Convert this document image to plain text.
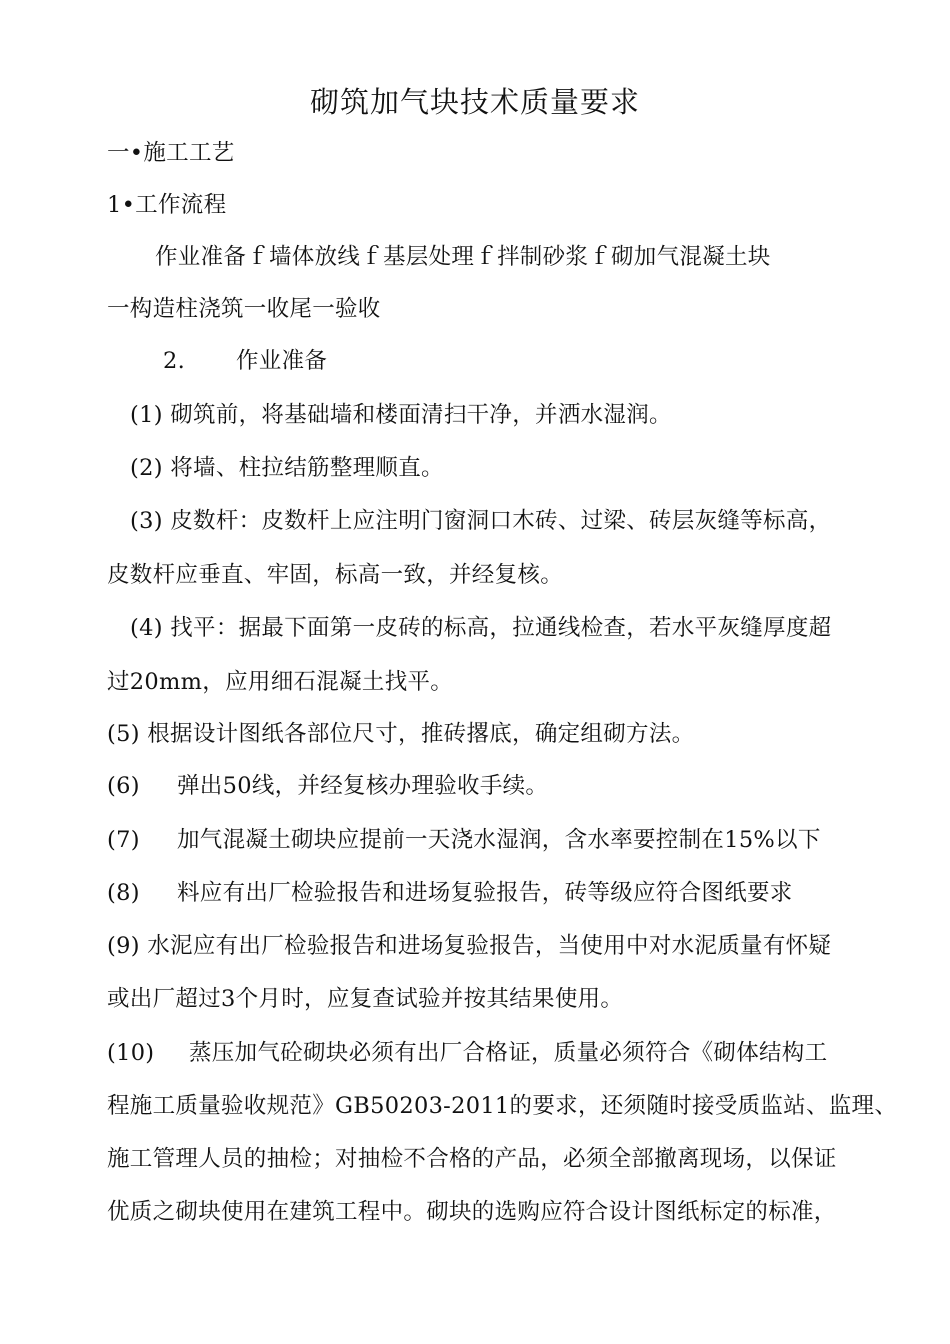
砌筑加气块技术质量要求
一•施工工艺
1•工作流程
作业准备ｆ墙体放线ｆ基层处理ｆ拌制砂浆ｆ砌加气混凝土块
一构造柱浇筑一收尾一验收
2. 作业准备
(1) 砌筑前，将基础墙和楼面清扫干净，并洒水湿润。
(2) 将墙、柱拉结筋整理顺直。
(3) 皮数杆：皮数杆上应注明门窗洞口木砖、过梁、砖层灰缝等标高，
皮数杆应垂直、牢固，标高一致，并经复核。
(4) 找平：据最下面第一皮砖的标高，拉通线检查，若水平灰缝厚度超
过20mm，应用细石混凝土找平。
(5) 根据设计图纸各部位尺寸，推砖撂底，确定组砌方法。
(6) 弹出50线，并经复核办理验收手续。
(7) 加气混凝土砌块应提前一天浇水湿润，含水率要控制在15%以下
(8) 料应有出厂检验报告和进场复验报告，砖等级应符合图纸要求
(9) 水泥应有出厂检验报告和进场复验报告，当使用中对水泥质量有怀疑
或出厂超过3个月时，应复查试验并按其结果使用。
(10) 蒸压加气砼砌块必须有出厂合格证，质量必须符合《砌体结构工
程施工质量验收规范》GB50203-2011的要求，还须随时接受质监站、监理、
施工管理人员的抽检；对抽检不合格的产品，必须全部撤离现场，以保证
优质之砌块使用在建筑工程中。砌块的选购应符合设计图纸标定的标准，
